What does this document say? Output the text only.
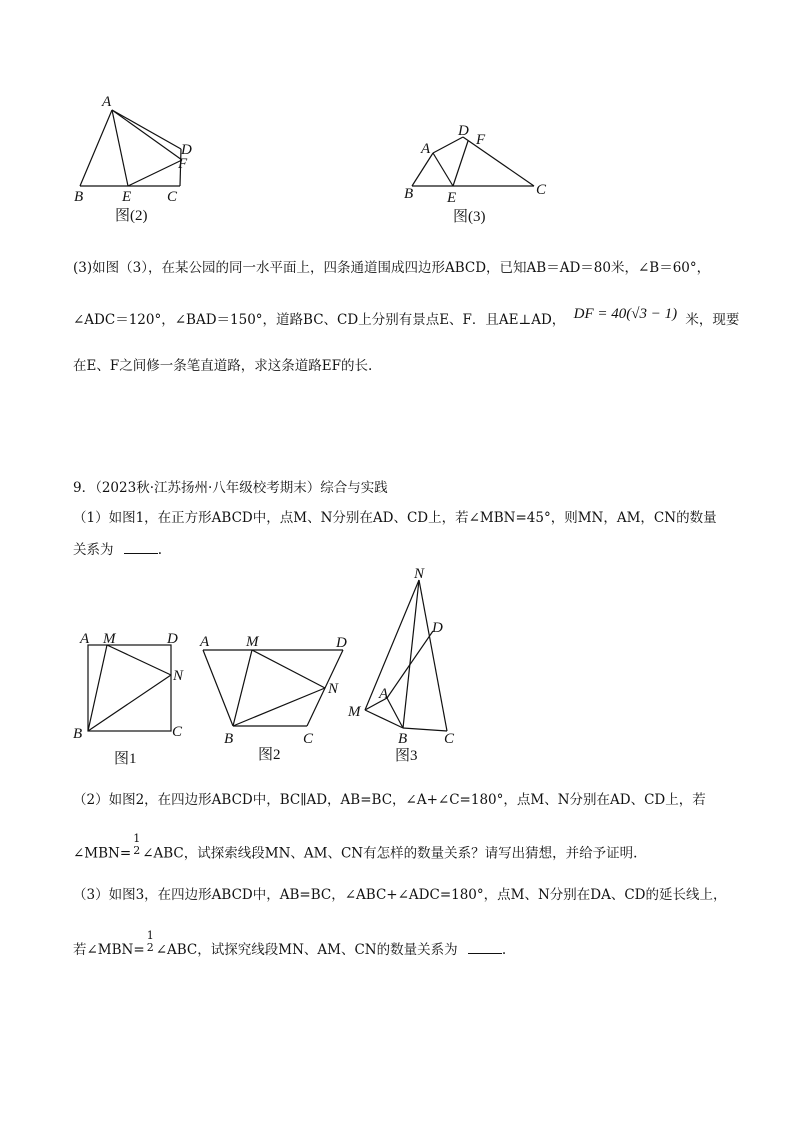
A
B	E C
D
F
图(2)
A
B E	C
D
F
图(3)
(3)如图（3），在某公园的同一水平面上，四条通道围成四边形ABCD，已知AB＝AD＝80米，∠B＝60°，
∠ADC＝120°，∠BAD＝150°，道路BC、CD上分别有景点E、F．且AE⊥AD， DF = 40(√3 − 1) 米，现要
在E、F之间修一条笔直道路，求这条道路EF的长.
9．（2023秋·江苏扬州·八年级校考期末）综合与实践
（1）如图1，在正方形ABCD中，点M、N分别在AD、CD上，若∠MBN=45°，则MN，AM，CN的数量
关系为	.
A M	D
N
B	C
图1
A M	D
N
B	C
图2
N
D
A
M
B C
图3
（2）如图2，在四边形ABCD中，BC∥AD，AB=BC，∠A+∠C=180°，点M、N分别在AD、CD上，若
∠MBN=1
2 ∠ABC，试探索线段MN、AM、CN有怎样的数量关系？请写出猜想，并给予证明.
（3）如图3，在四边形ABCD中，AB=BC，∠ABC+∠ADC=180°，点M、N分别在DA、CD的延长线上，
若∠MBN=1
2 ∠ABC，试探究线段MN、AM、CN的数量关系为	.
